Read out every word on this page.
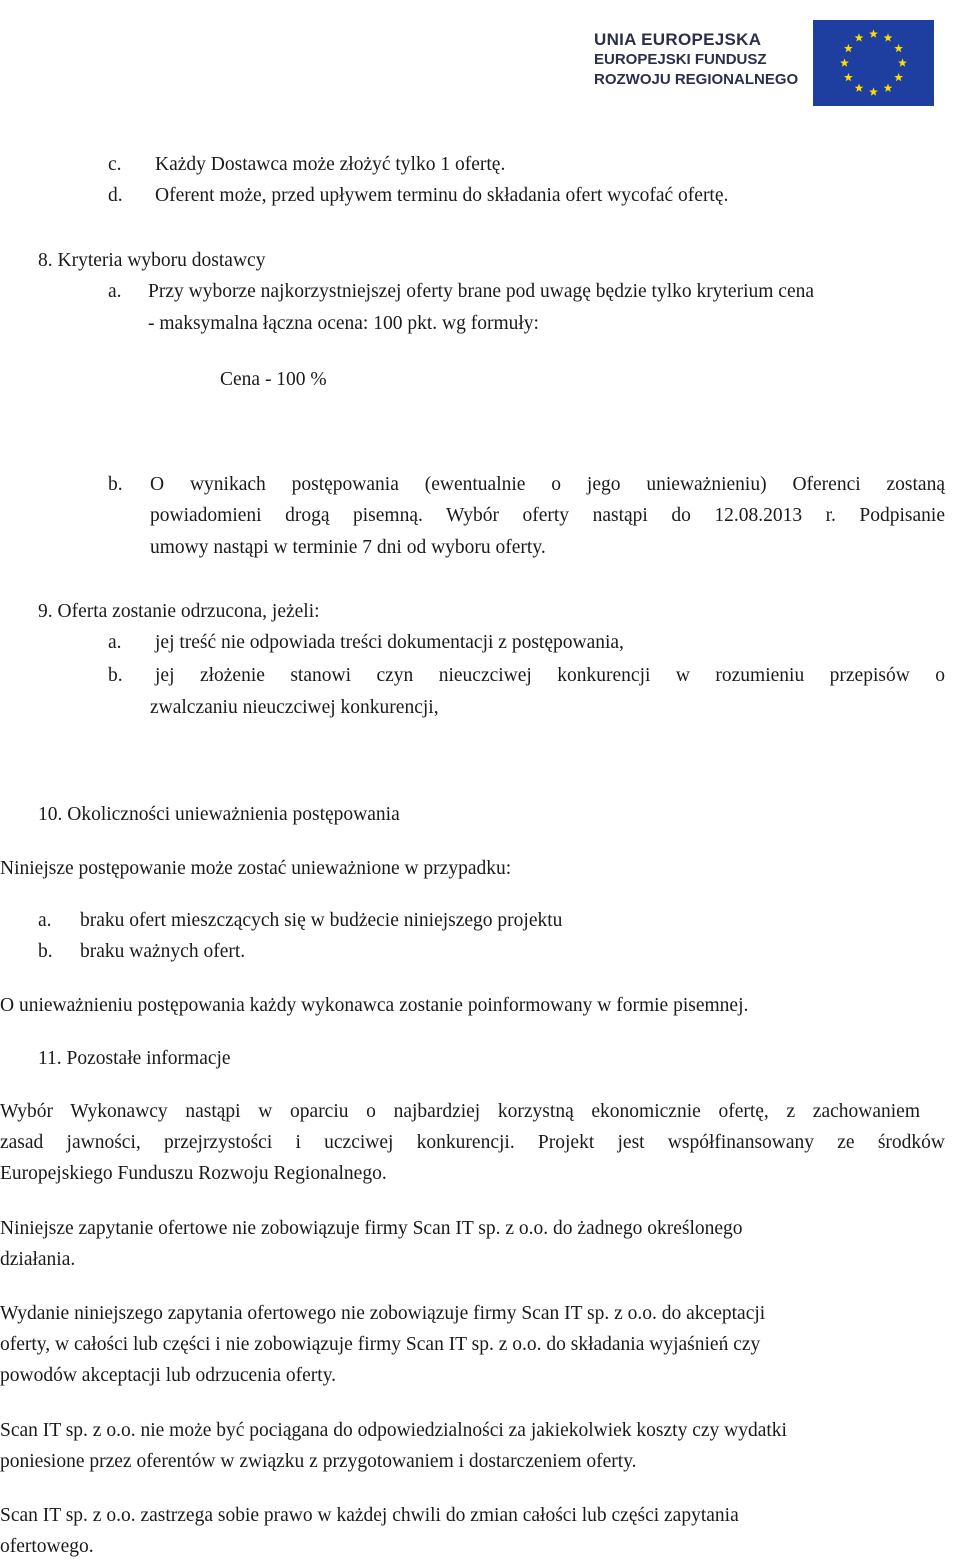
UNIA EUROPEJSKA
EUROPEJSKI FUNDUSZ
ROZWOJU REGIONALNEGO
c. Każdy Dostawca może złożyć tylko 1 ofertę.
d. Oferent może, przed upływem terminu do składania ofert wycofać ofertę.
8. Kryteria wyboru dostawcy
a. Przy wyborze najkorzystniejszej oferty brane pod uwagę będzie tylko kryterium cena
- maksymalna łączna ocena: 100 pkt. wg formuły:
Cena - 100 %
b. O wynikach postępowania (ewentualnie o jego unieważnieniu) Oferenci zostaną
powiadomieni drogą pisemną. Wybór oferty nastąpi do 12.08.2013 r. Podpisanie
umowy nastąpi w terminie 7 dni od wyboru oferty.
9. Oferta zostanie odrzucona, jeżeli:
a. jej treść nie odpowiada treści dokumentacji z postępowania,
b. jej złożenie stanowi czyn nieuczciwej konkurencji w rozumieniu przepisów o
zwalczaniu nieuczciwej konkurencji,
10. Okoliczności unieważnienia postępowania
Niniejsze postępowanie może zostać unieważnione w przypadku:
a. braku ofert mieszczących się w budżecie niniejszego projektu
b. braku ważnych ofert.
O unieważnieniu postępowania każdy wykonawca zostanie poinformowany w formie pisemnej.
11. Pozostałe informacje
Wybór Wykonawcy nastąpi w oparciu o najbardziej korzystną ekonomicznie ofertę, z zachowaniem
zasad jawności, przejrzystości i uczciwej konkurencji. Projekt jest współfinansowany ze środków
Europejskiego Funduszu Rozwoju Regionalnego.
Niniejsze zapytanie ofertowe nie zobowiązuje firmy Scan IT sp. z o.o. do żadnego określonego
działania.
Wydanie niniejszego zapytania ofertowego nie zobowiązuje firmy Scan IT sp. z o.o. do akceptacji
oferty, w całości lub części i nie zobowiązuje firmy Scan IT sp. z o.o. do składania wyjaśnień czy
powodów akceptacji lub odrzucenia oferty.
Scan IT sp. z o.o. nie może być pociągana do odpowiedzialności za jakiekolwiek koszty czy wydatki
poniesione przez oferentów w związku z przygotowaniem i dostarczeniem oferty.
Scan IT sp. z o.o. zastrzega sobie prawo w każdej chwili do zmian całości lub części zapytania
ofertowego.
